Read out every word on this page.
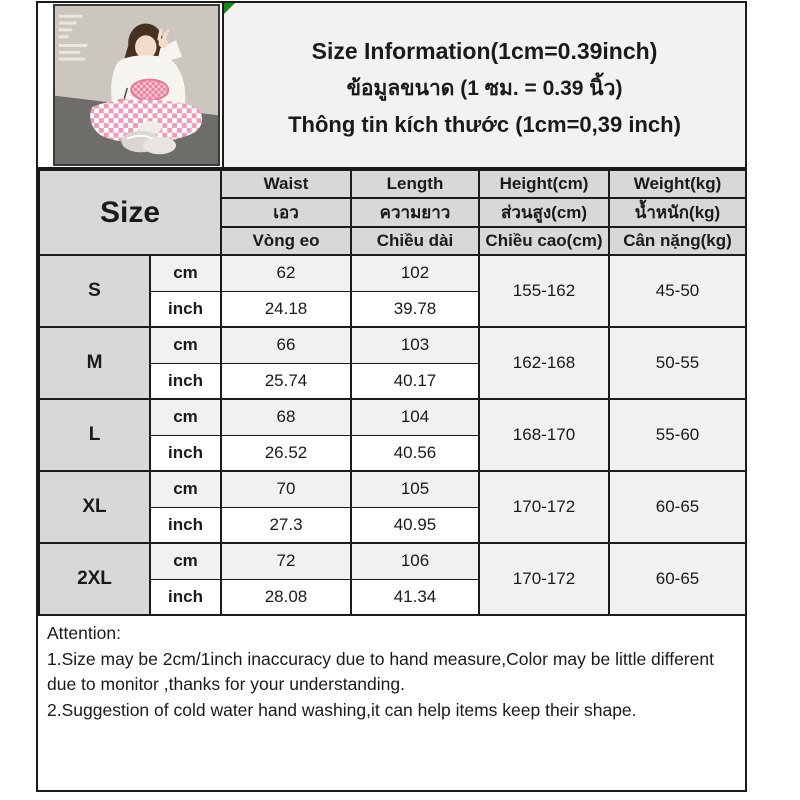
Size Information(1cm=0.39inch)
ข้อมูลขนาด (1 ซม. = 0.39 นิ้ว)
Thông tin kích thước (1cm=0,39 inch)
Size		Waist	Length	Height(cm)	Weight(kg)
		เอว	ความยาว	ส่วนสูง(cm)	น้ำหนัก(kg)
		Vòng eo	Chiều dài	Chiều cao(cm)	Cân nặng(kg)
S	cm	62	102	155-162	45-50
	inch	24.18	39.78		
M	cm	66	103	162-168	50-55
	inch	25.74	40.17		
L	cm	68	104	168-170	55-60
	inch	26.52	40.56		
XL	cm	70	105	170-172	60-65
	inch	27.3	40.95		
2XL	cm	72	106	170-172	60-65
	inch	28.08	41.34		
Attention:
1.Size may be 2cm/1inch inaccuracy due to hand measure,Color may be little different due to monitor ,thanks for your understanding.
2.Suggestion of cold water hand washing,it can help items keep their shape.
